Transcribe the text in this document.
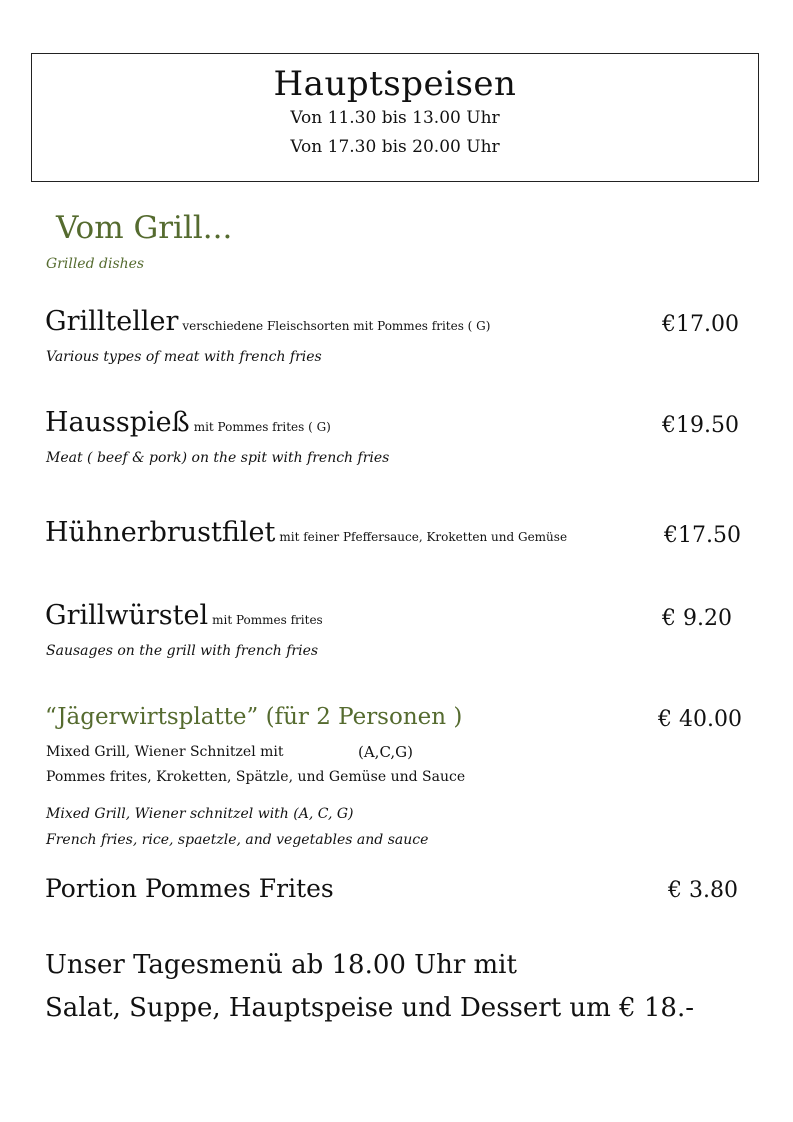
Hauptspeisen
Von 11.30 bis 13.00 Uhr
Von 17.30 bis 20.00 Uhr
Vom Grill...
Grilled dishes
Grillteller verschiedene Fleischsorten mit Pommes frites ( G)	€17.00
Various types of meat with french fries
Hausspieß mit Pommes frites ( G)	€19.50
Meat ( beef & pork) on the spit with french fries
Hühnerbrustfilet mit feiner Pfeffersauce, Kroketten und Gemüse	€17.50
Grillwürstel mit Pommes frites	€ 9.20
Sausages on the grill with french fries
“Jägerwirtsplatte” (für 2 Personen )	€ 40.00
Mixed Grill, Wiener Schnitzel mit	(A,C,G)
Pommes frites, Kroketten, Spätzle, und Gemüse und Sauce
Mixed Grill, Wiener schnitzel with (A, C, G)
French fries, rice, spaetzle, and vegetables and sauce
Portion Pommes Frites	€ 3.80
Unser Tagesmenü ab 18.00 Uhr mit
Salat, Suppe, Hauptspeise und Dessert um € 18.-
